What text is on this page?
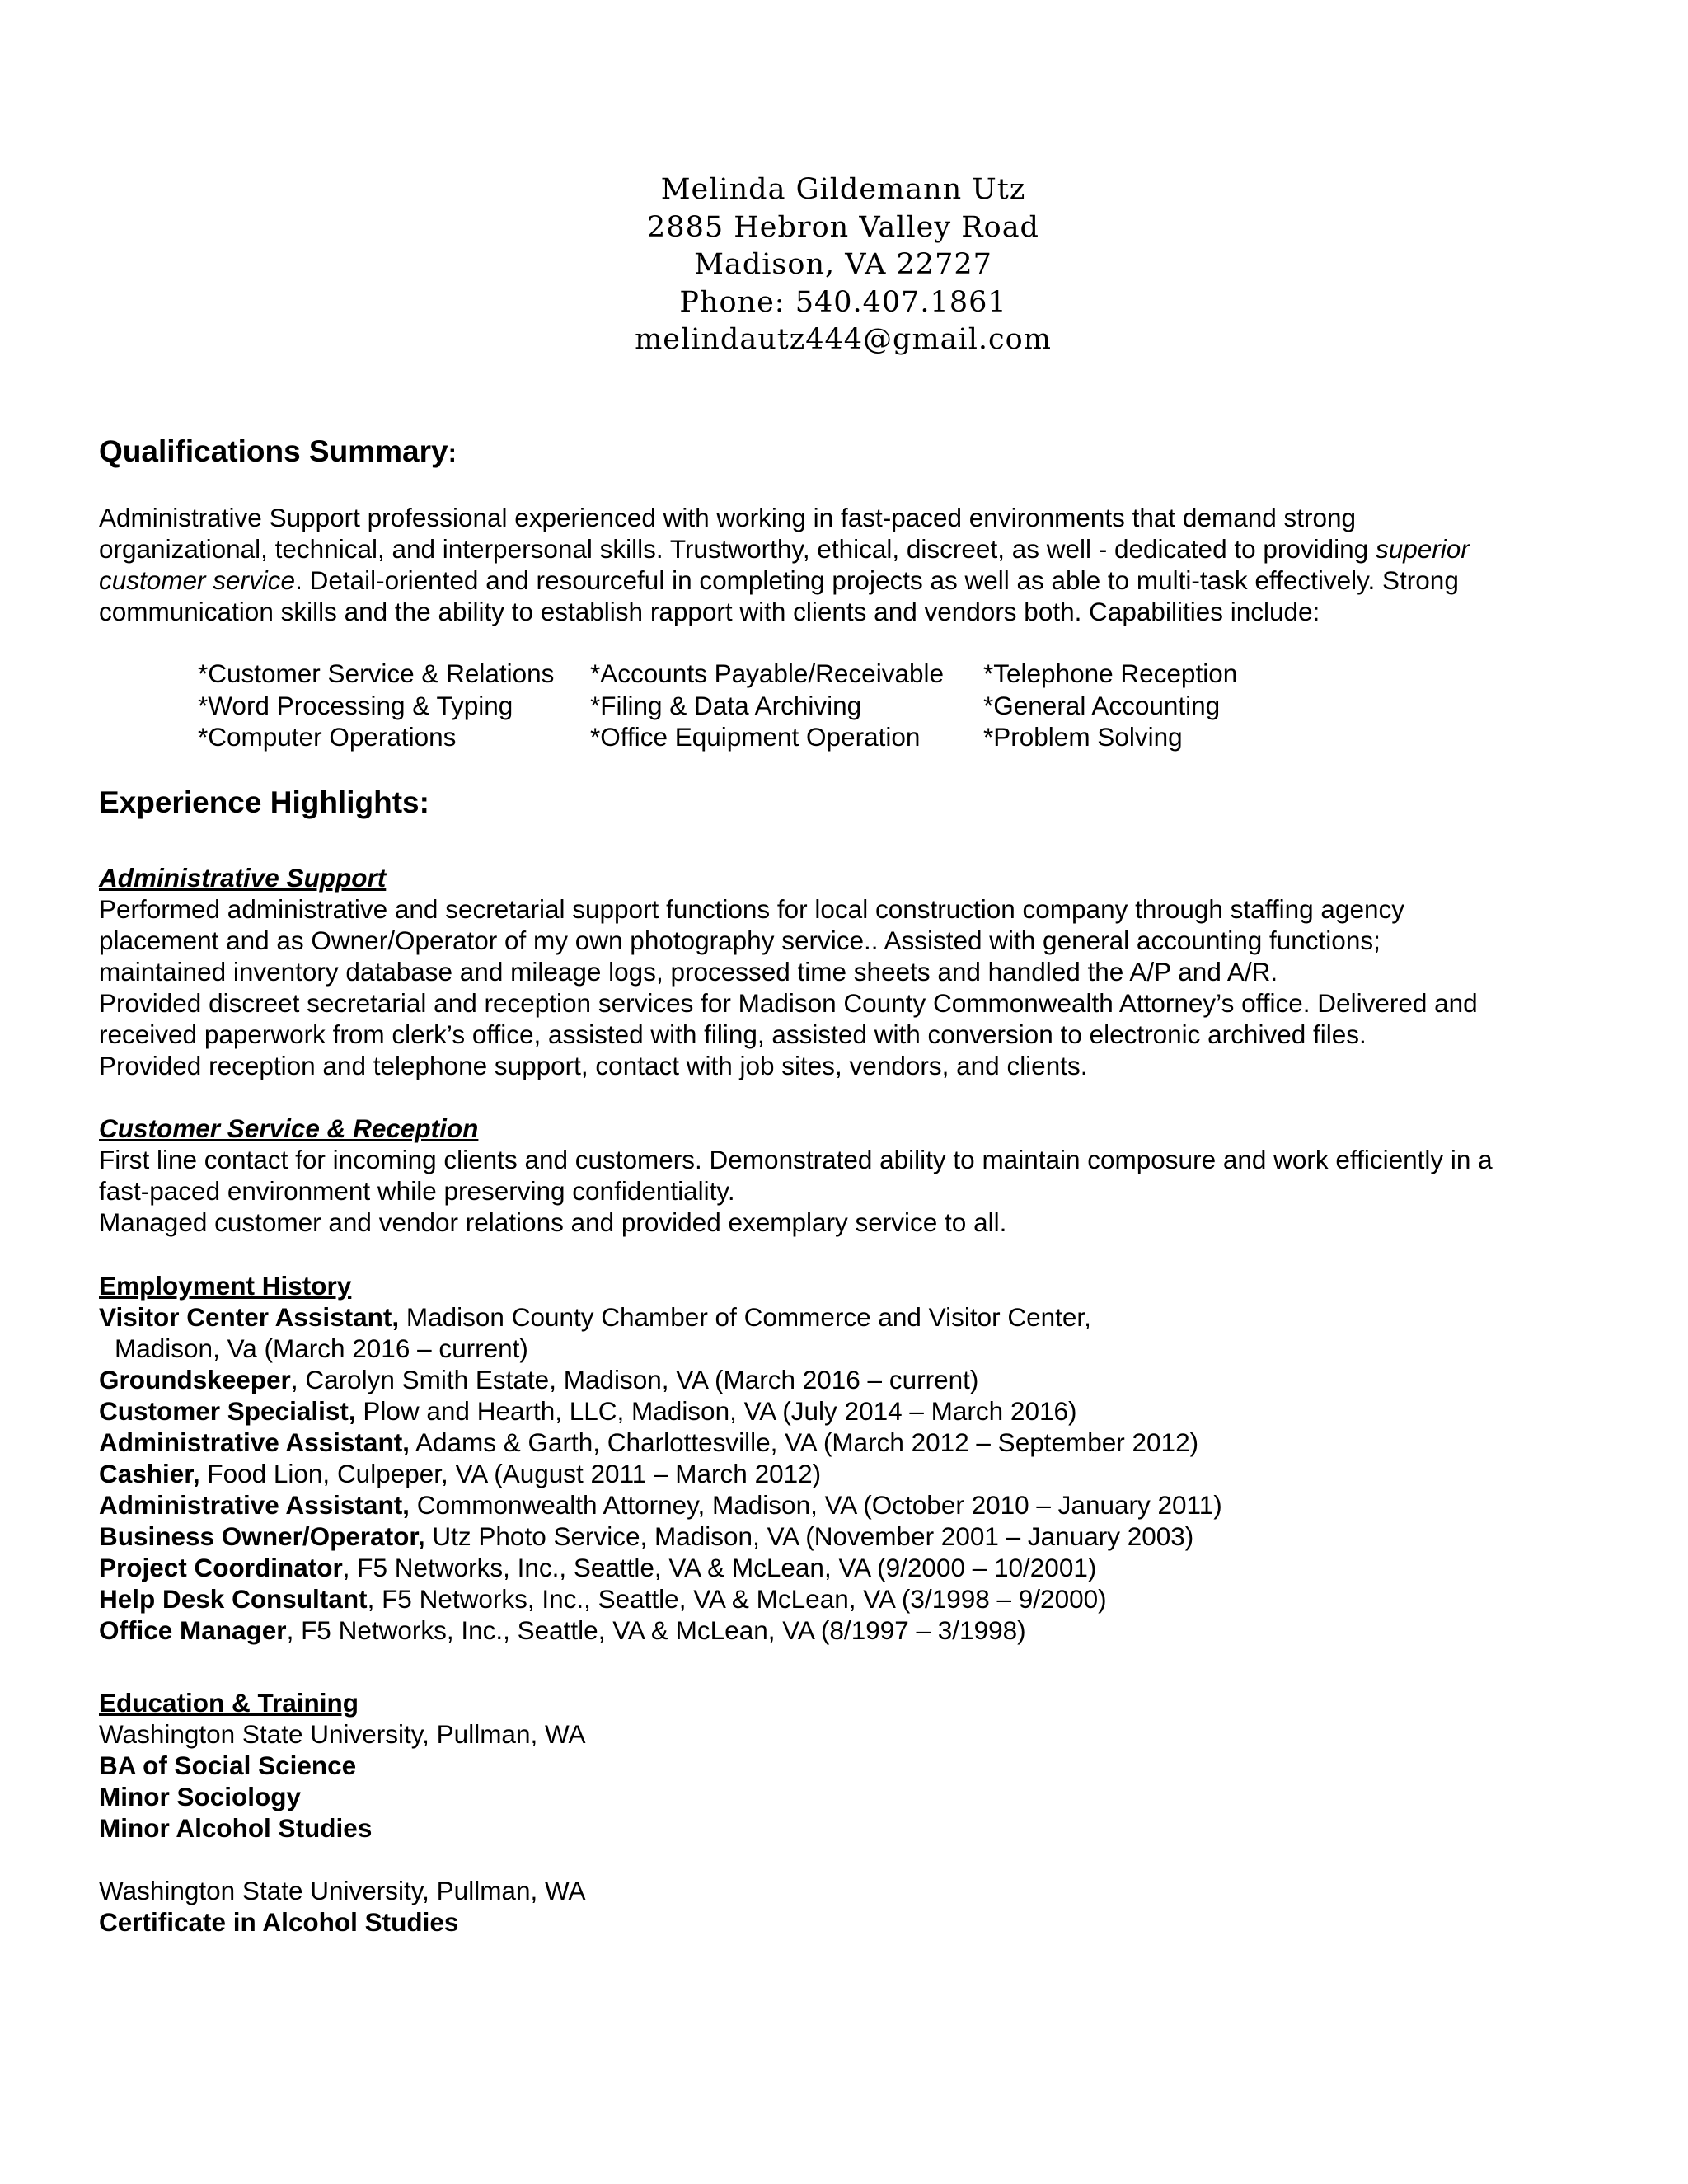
Melinda Gildemann Utz
2885 Hebron Valley Road
Madison, VA 22727
Phone: 540.407.1861
melindautz444@gmail.com
Qualifications Summary:
Administrative Support professional experienced with working in fast-paced environments that demand strong
organizational, technical, and interpersonal skills. Trustworthy, ethical, discreet, as well - dedicated to providing superior
customer service. Detail-oriented and resourceful in completing projects as well as able to multi-task effectively. Strong
communication skills and the ability to establish rapport with clients and vendors both. Capabilities include:
*Customer Service & Relations
*Word Processing & Typing
*Computer Operations
*Accounts Payable/Receivable
*Filing & Data Archiving
*Office Equipment Operation
*Telephone Reception
*General Accounting
*Problem Solving
Experience Highlights:
Administrative Support
Performed administrative and secretarial support functions for local construction company through staffing agency
placement and as Owner/Operator of my own photography service.. Assisted with general accounting functions;
maintained inventory database and mileage logs, processed time sheets and handled the A/P and A/R.
Provided discreet secretarial and reception services for Madison County Commonwealth Attorney’s office. Delivered and
received paperwork from clerk’s office, assisted with filing, assisted with conversion to electronic archived files.
Provided reception and telephone support, contact with job sites, vendors, and clients.
Customer Service & Reception
First line contact for incoming clients and customers. Demonstrated ability to maintain composure and work efficiently in a
fast-paced environment while preserving confidentiality.
Managed customer and vendor relations and provided exemplary service to all.
Employment History
Visitor Center Assistant, Madison County Chamber of Commerce and Visitor Center,
Madison, Va (March 2016 – current)
Groundskeeper, Carolyn Smith Estate, Madison, VA (March 2016 – current)
Customer Specialist, Plow and Hearth, LLC, Madison, VA (July 2014 – March 2016)
Administrative Assistant, Adams & Garth, Charlottesville, VA (March 2012 – September 2012)
Cashier, Food Lion, Culpeper, VA (August 2011 – March 2012)
Administrative Assistant, Commonwealth Attorney, Madison, VA (October 2010 – January 2011)
Business Owner/Operator, Utz Photo Service, Madison, VA (November 2001 – January 2003)
Project Coordinator, F5 Networks, Inc., Seattle, VA & McLean, VA (9/2000 – 10/2001)
Help Desk Consultant, F5 Networks, Inc., Seattle, VA & McLean, VA (3/1998 – 9/2000)
Office Manager, F5 Networks, Inc., Seattle, VA & McLean, VA (8/1997 – 3/1998)
Education & Training
Washington State University, Pullman, WA
BA of Social Science
Minor Sociology
Minor Alcohol Studies

Washington State University, Pullman, WA
Certificate in Alcohol Studies
